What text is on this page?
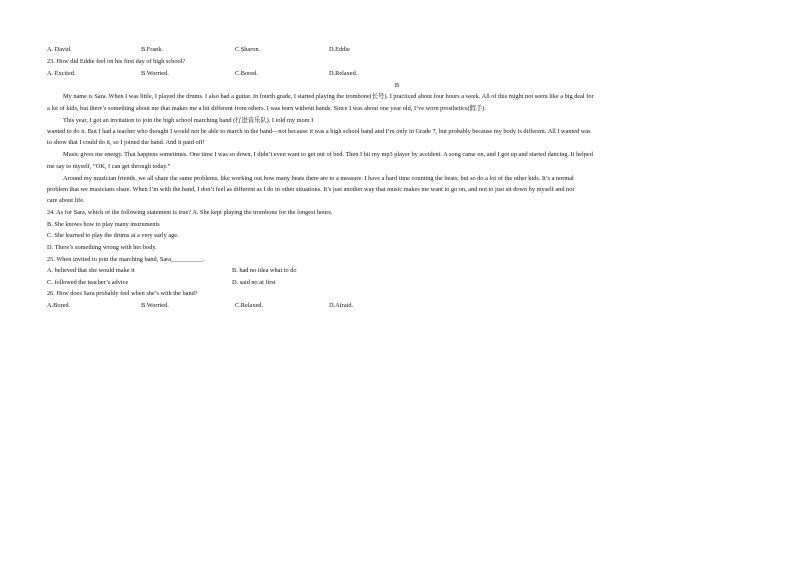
A. David.	B.Frank.	C.Sharon.	D.Eddie
23. How did Eddie feel on his first day of high school?
A. Excited.	B.Worried.	C.Bored.	D.Relaxed.
B
My name is Sara. When I was little, I played the drums. I also had a guitar. In fourth grade, I started playing the trombone(长号). I practiced about four hours a week. All of this might not seem like a big deal for
a lot of kids, but there’s something about me that makes me a bit different from others. I was born without hands. Since I was about one year old, I’ve worn prosthetics(假手).
This year, I got an invitation to join the high school marching band (行进音乐队). I told my mom I
wanted to do it. But I had a teacher who thought I would not be able to march in the band—not because it was a high school band and I’m only in Grade 7, but probably because my body is different. All I wanted was
to show that I could do it, so I joined the band. And it paid off!
Music gives me energy. That happens sometimes. One time I was so down, I didn’t even want to get out of bed. Then I hit my mp3 player by accident. A song came on, and I got up and started dancing. It helped
me say to myself, “OK, I can get through today.”
Around my musician friends, we all share the same problems, like working out how many beats there are to a measure. I have a hard time counting the beats, but so do a lot of the other kids. It’s a normal
problem that we musicians share. When I’m with the band, I don’t feel as different as I do in other situations. It’s just another way that music makes me want to go on, and not to just sit down by myself and not
care about life.
24. As for Sara, which of the following statement is true? A. She kept playing the trombone for the longest hours.
B. She knows how to play many instruments
C. She learned to play the drums at a very early age.
D. There’s something wrong with her body.
25. When invited to join the marching band, Sara__________.
A. believed that she would make it	B. had no idea what to do
C. followed the teacher’s advice	D. said no at first
26. How does Sara probably feel when she’s with the band?
A.Bored.	B.Worried.	C.Relaxed.	D.Afraid.
